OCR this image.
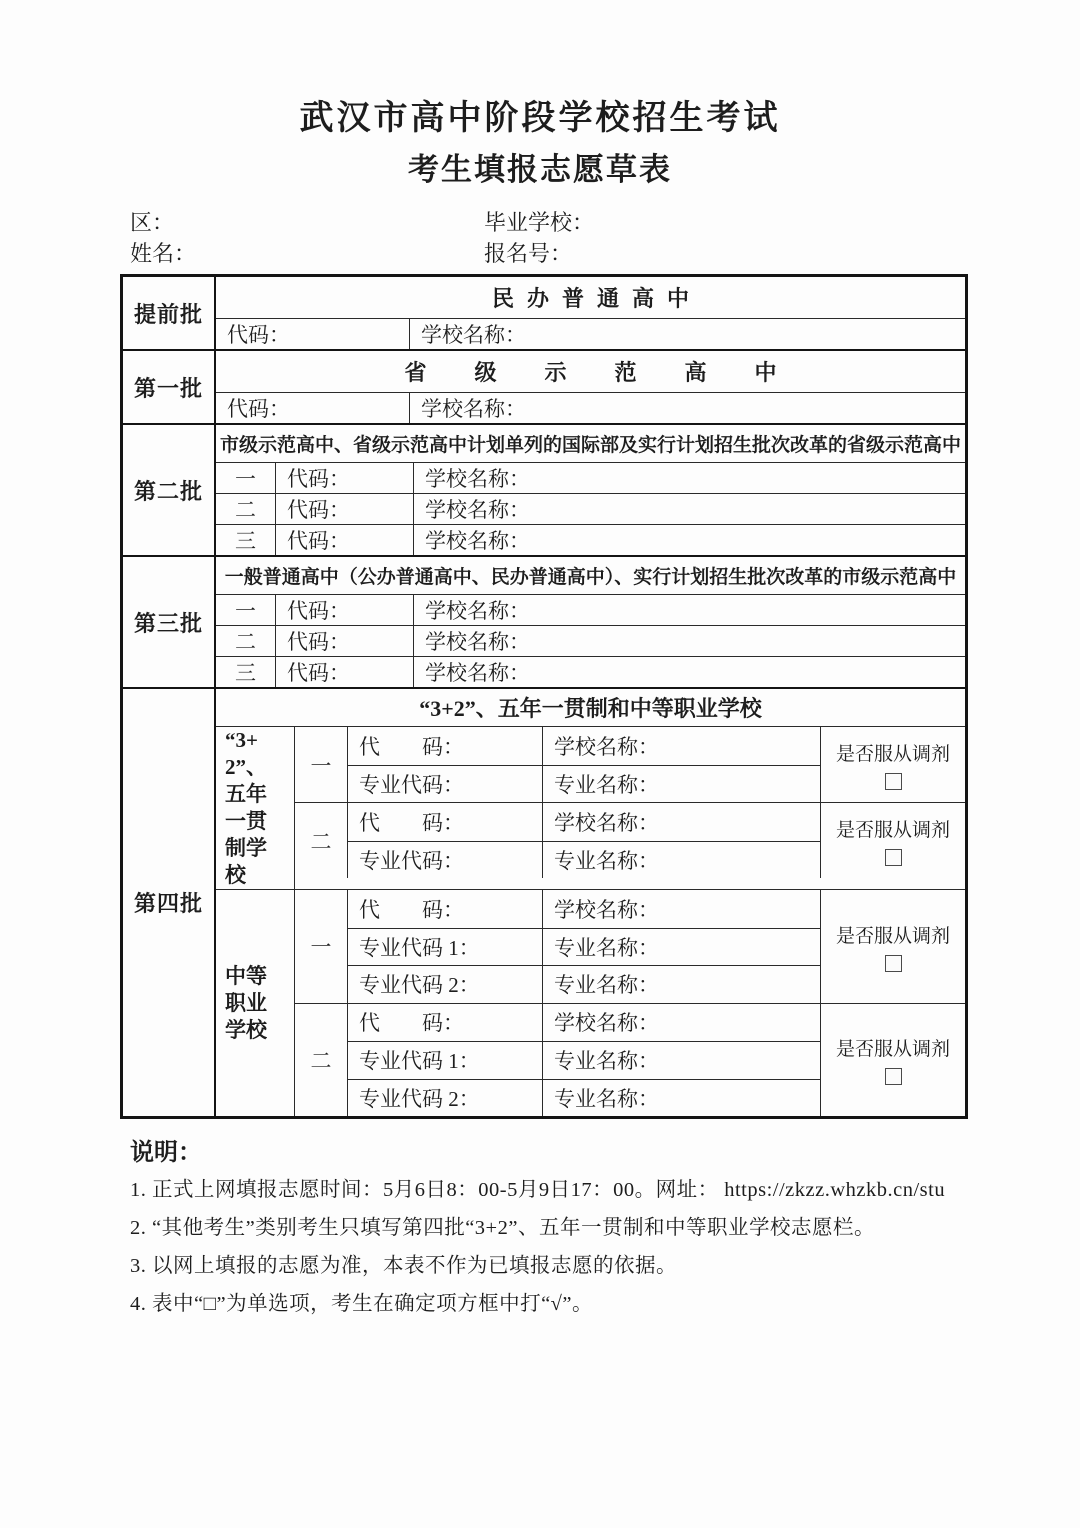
武汉市高中阶段学校招生考试
考生填报志愿草表
区：	毕业学校：
姓名：	报名号：
提前批
民办普通高中
代码：	学校名称：
第一批
省级示范高中
代码：	学校名称：
第二批
市级示范高中、省级示范高中计划单列的国际部及实行计划招生批次改革的省级示范高中
一	代码：	学校名称：
二	代码：	学校名称：
三	代码：	学校名称：
第三批
一般普通高中（公办普通高中、民办普通高中）、实行计划招生批次改革的市级示范高中
一	代码：	学校名称：
二	代码：	学校名称：
三	代码：	学校名称：
第四批
“3+2”、五年一贯制和中等职业学校
“3+2”、五年一贯制学校
一
代　　码：	学校名称：
专业代码：	专业名称：
是否服从调剂
二
代　　码：	学校名称：
专业代码：	专业名称：
是否服从调剂
中等职业学校
一
代　　码：	学校名称：
专业代码 1：	专业名称：
专业代码 2：	专业名称：
是否服从调剂
二
代　　码：	学校名称：
专业代码 1：	专业名称：
专业代码 2：	专业名称：
是否服从调剂
说明：
1. 正式上网填报志愿时间：5月6日8：00-5月9日17：00。网址： https://zkzz.whzkb.cn/stu
2. “其他考生”类别考生只填写第四批“3+2”、五年一贯制和中等职业学校志愿栏。
3. 以网上填报的志愿为准，本表不作为已填报志愿的依据。
4. 表中“□”为单选项，考生在确定项方框中打“√”。
